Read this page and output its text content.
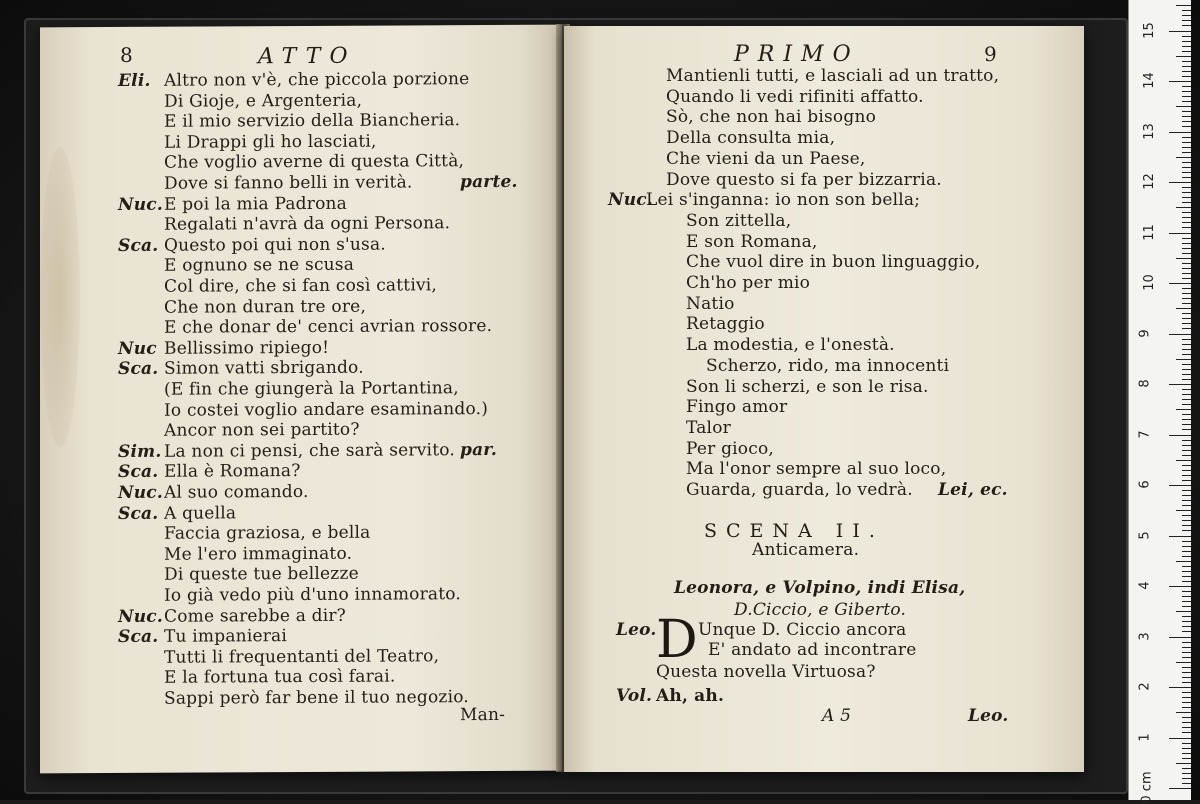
8	ATTO
Eli. Altro non v'è, che piccola porzione
Di Gioje, e Argenteria,
E il mio servizio della Biancheria.
Li Drappi gli ho lasciati,
Che voglio averne di questa Città,
Dove si fanno belli in verità.	parte.
Nuc. E poi la mia Padrona
Regalati n'avrà da ogni Persona.
Sca. Questo poi qui non s'usa.
E ognuno se ne scusa
Col dire, che si fan così cattivi,
Che non duran tre ore,
E che donar de' cenci avrian rossore.
Nuc Bellissimo ripiego!
Sca. Simon vatti sbrigando.
(E fin che giungerà la Portantina,
Io costei voglio andare esaminando.)
Ancor non sei partito?
Sim. La non ci pensi, che sarà servito. par.
Sca. Ella è Romana?
Nuc. Al suo comando.
Sca. A quella
Faccia graziosa, e bella
Me l'ero immaginato.
Di queste tue bellezze
Io già vedo più d'uno innamorato.
Nuc. Come sarebbe a dir?
Sca. Tu impanierai
Tutti li frequentanti del Teatro,
E la fortuna tua così farai.
Sappi però far bene il tuo negozio.
Man-
PRIMO	9
Mantienli tutti, e lasciali ad un tratto,
Quando li vedi rifiniti affatto.
Sò, che non hai bisogno
Della consulta mia,
Che vieni da un Paese,
Dove questo si fa per bizzarria.
Nuc.
Lei s'inganna: io non son bella;
Son zittella,
E son Romana,
Che vuol dire in buon linguaggio,
Ch'ho per mio
Natio
Retaggio
La modestia, e l'onestà.
Scherzo, rido, ma innocenti
Son li scherzi, e son le risa.
Fingo amor
Talor
Per gioco,
Ma l'onor sempre al suo loco,
Guarda, guarda, lo vedrà.	Lei, ec.
SCENA II.
Anticamera.
Leonora, e Volpino, indi Elisa,
D.Ciccio, e Giberto.
Leo. D Unque D. Ciccio ancora
E' andato ad incontrare
Questa novella Virtuosa?
Vol. Ah, ah.
A 5	Leo.
0 cm
1
2
3
4
5
6
7
8
9
10
11
12
13
14
15
